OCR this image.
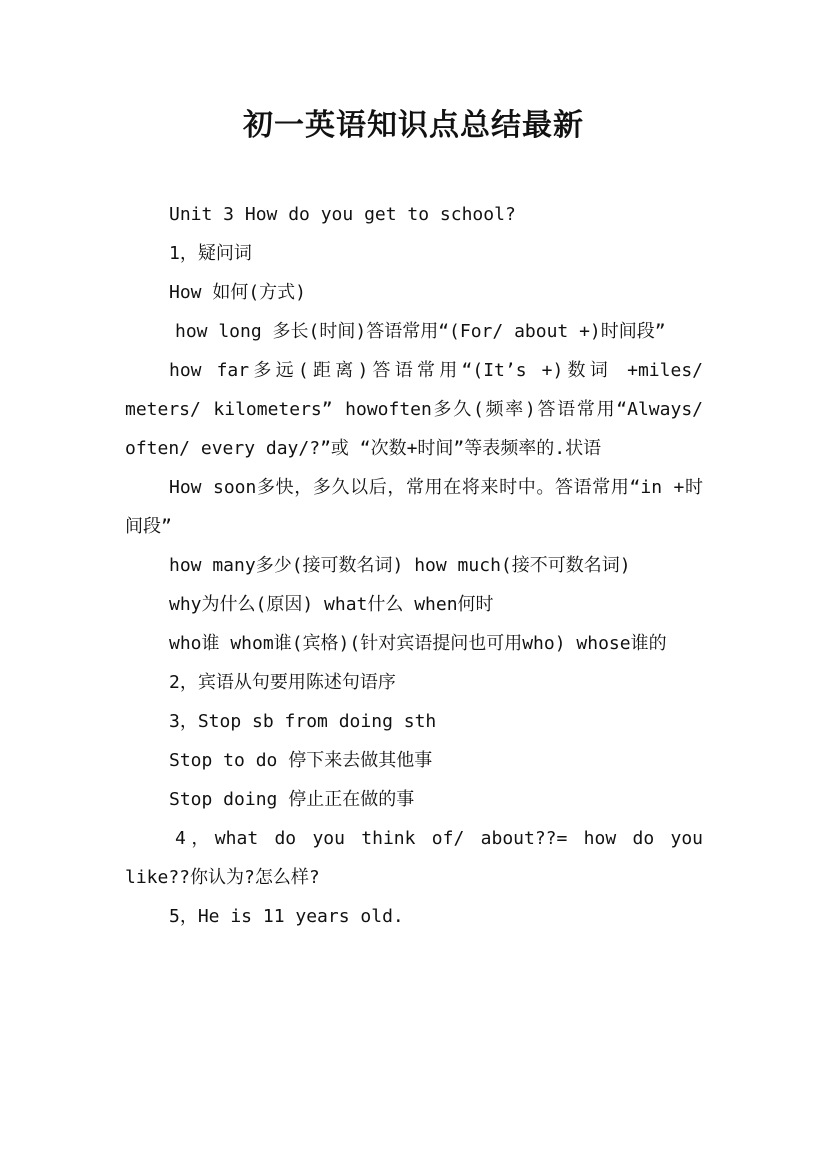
初一英语知识点总结最新

Unit 3 How do you get to school?

1，疑问词

How 如何(方式)

how long 多长(时间)答语常用“(For/ about +)时间段”

how far多远(距离)答语常用“(It’s +)数词 +miles/ meters/ kilometers” howoften多久(频率)答语常用“Always/ often/ every day/?”或 “次数+时间”等表频率的.状语

How soon多快，多久以后，常用在将来时中。答语常用“in +时间段”

how many多少(接可数名词) how much(接不可数名词)

why为什么(原因) what什么 when何时

who谁 whom谁(宾格)(针对宾语提问也可用who) whose谁的

2，宾语从句要用陈述句语序

3，Stop sb from doing sth

Stop to do 停下来去做其他事

Stop doing 停止正在做的事

4，what do you think of/ about??= how do you like??你认为?怎么样?

5，He is 11 years old.
